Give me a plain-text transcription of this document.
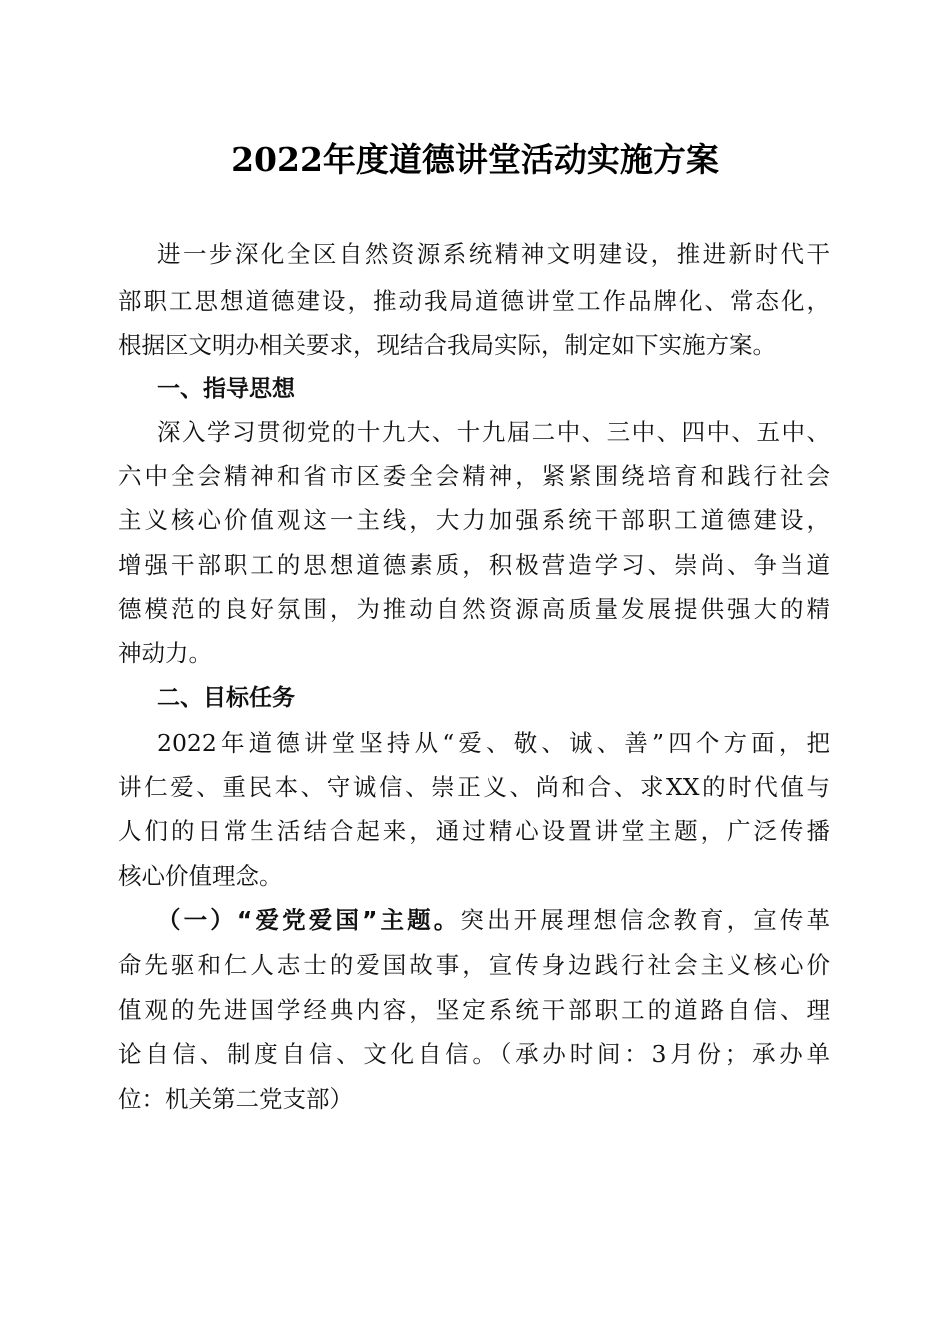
2022年度道德讲堂活动实施方案
进一步深化全区自然资源系统精神文明建设，推进新时代干
部职工思想道德建设，推动我局道德讲堂工作品牌化、常态化，
根据区文明办相关要求，现结合我局实际，制定如下实施方案。
一、指导思想
深入学习贯彻党的十九大、十九届二中、三中、四中、五中、
六中全会精神和省市区委全会精神，紧紧围绕培育和践行社会
主义核心价值观这一主线，大力加强系统干部职工道德建设，
增强干部职工的思想道德素质，积极营造学习、崇尚、争当道
德模范的良好氛围，为推动自然资源高质量发展提供强大的精
神动力。
二、目标任务
2022年道德讲堂坚持从“爱、敬、诚、善”四个方面，把
讲仁爱、重民本、守诚信、崇正义、尚和合、求XX的时代值与
人们的日常生活结合起来，通过精心设置讲堂主题，广泛传播
核心价值理念。
（一）“爱党爱国”主题。突出开展理想信念教育，宣传革
命先驱和仁人志士的爱国故事，宣传身边践行社会主义核心价
值观的先进国学经典内容，坚定系统干部职工的道路自信、理
论自信、制度自信、文化自信。（承办时间：3月份；承办单
位：机关第二党支部）
